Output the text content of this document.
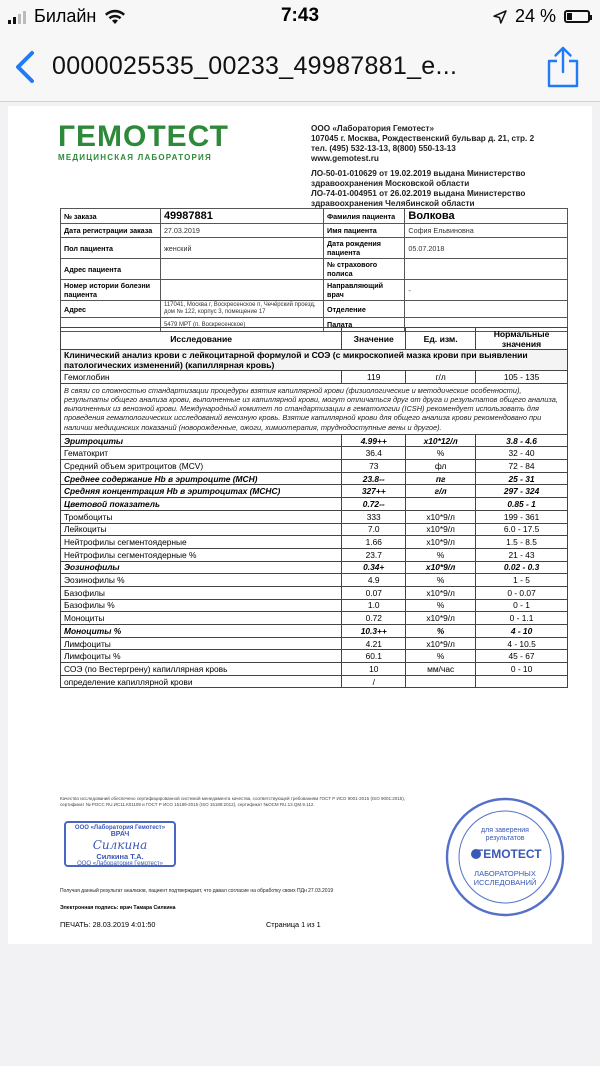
Билайн	7:43	24 %
0000025535_00233_49987881_e...
ГЕМОТЕСТ
МЕДИЦИНСКАЯ ЛАБОРАТОРИЯ
ООО «Лаборатория Гемотест»
107045 г. Москва, Рождественский бульвар д. 21, стр. 2
тел. (495) 532-13-13, 8(800) 550-13-13
www.gemotest.ru
ЛО-50-01-010629 от 19.02.2019 выдана Министерство
здравоохранения Московской области
ЛО-74-01-004951 от 26.02.2019 выдана Министерство
здравоохранения Челябинской области
№ заказа	49987881	Фамилия пациента	Волкова
Дата регистрации заказа	27.03.2019	Имя пациента	София Ельвиновна
Пол пациента	женский	Дата рождения пациента	05.07.2018
Адрес пациента		№ страхового полиса	
Номер истории болезни пациента		Направляющий врач	-
Адрес	117041, Москва г, Воскресенское п, Чечёрский проезд, дом № 122, корпус 3, помещение 17	Отделение	
	5479 МРТ (п. Воскресенское)	Палата	
Исследование	Значение	Ед. изм.	Нормальные значения
Клинический анализ крови с лейкоцитарной формулой и СОЭ (с микроскопией мазка крови при выявлении патологических изменений) (капиллярная кровь)			
Гемоглобин	119	г/л	105 - 135
В связи со сложностью стандартизации процедуры взятия капиллярной крови (физиологические и методические особенности), результаты общего анализа крови, выполненные из капиллярной крови, могут отличаться друг от друга и результатов общего анализа, выполненных из венозной крови. Международный комитет по стандартизации в гематологии (ICSH) рекомендует использовать для проведения гематологических исследований венозную кровь. Взятие капиллярной крови для общего анализа крови рекомендовано при наличии медицинских показаний (новорожденные, ожоги, химиотерапия, труднодоступные вены и другое).			
Эритроциты	4.99++	x10*12/л	3.8 - 4.6
Гематокрит	36.4	%	32 - 40
Средний объем эритроцитов (MCV)	73	фл	72 - 84
Среднее содержание Hb в эритроците (MCH)	23.8--	пг	25 - 31
Средняя концентрация Hb в эритроцитах (MCHC)	327++	г/л	297 - 324
Цветовой показатель	0.72--		0.85 - 1
Тромбоциты	333	x10*9/л	199 - 361
Лейкоциты	7.0	x10*9/л	6.0 - 17.5
Нейтрофилы сегментоядерные	1.66	x10*9/л	1.5 - 8.5
Нейтрофилы сегментоядерные %	23.7	%	21 - 43
Эозинофилы	0.34+	x10*9/л	0.02 - 0.3
Эозинофилы %	4.9	%	1 - 5
Базофилы	0.07	x10*9/л	0 - 0.07
Базофилы %	1.0	%	0 - 1
Моноциты	0.72	x10*9/л	0 - 1.1
Моноциты %	10.3++	%	4 - 10
Лимфоциты	4.21	x10*9/л	4 - 10.5
Лимфоциты %	60.1	%	45 - 67
СОЭ (по Вестергрену) капиллярная кровь	10	мм/час	0 - 10
определение капиллярной крови	/		
Качество исследований обеспечено сертифицированной системой менеджмента качества, соответствующей требованиям ГОСТ Р ИСО 9001-2015 (ISO 9001:2015), сертификат № РОСС RU.ИС11.К01109 и ГОСТ Р ИСО 15189-2015 (ISO 15189:2012), сертификат №ОСМ RU.13.QМ.9.112.
ООО «Лаборатория Гемотест»
ВРАЧ
Силкина
Силкина Т.А.
ООО «Лаборатория Гемотест»
для заверения
результатов
ГЕМОТЕСТ
ЛАБОРАТОРНЫХ
ИССЛЕДОВАНИЙ
Получая данный результат анализов, пациент подтверждает, что давал согласие на обработку своих ПДн 27.03.2019
Электронная подпись: врач Тамара Силкина
ПЕЧАТЬ: 28.03.2019 4:01:50	Страница 1 из 1
